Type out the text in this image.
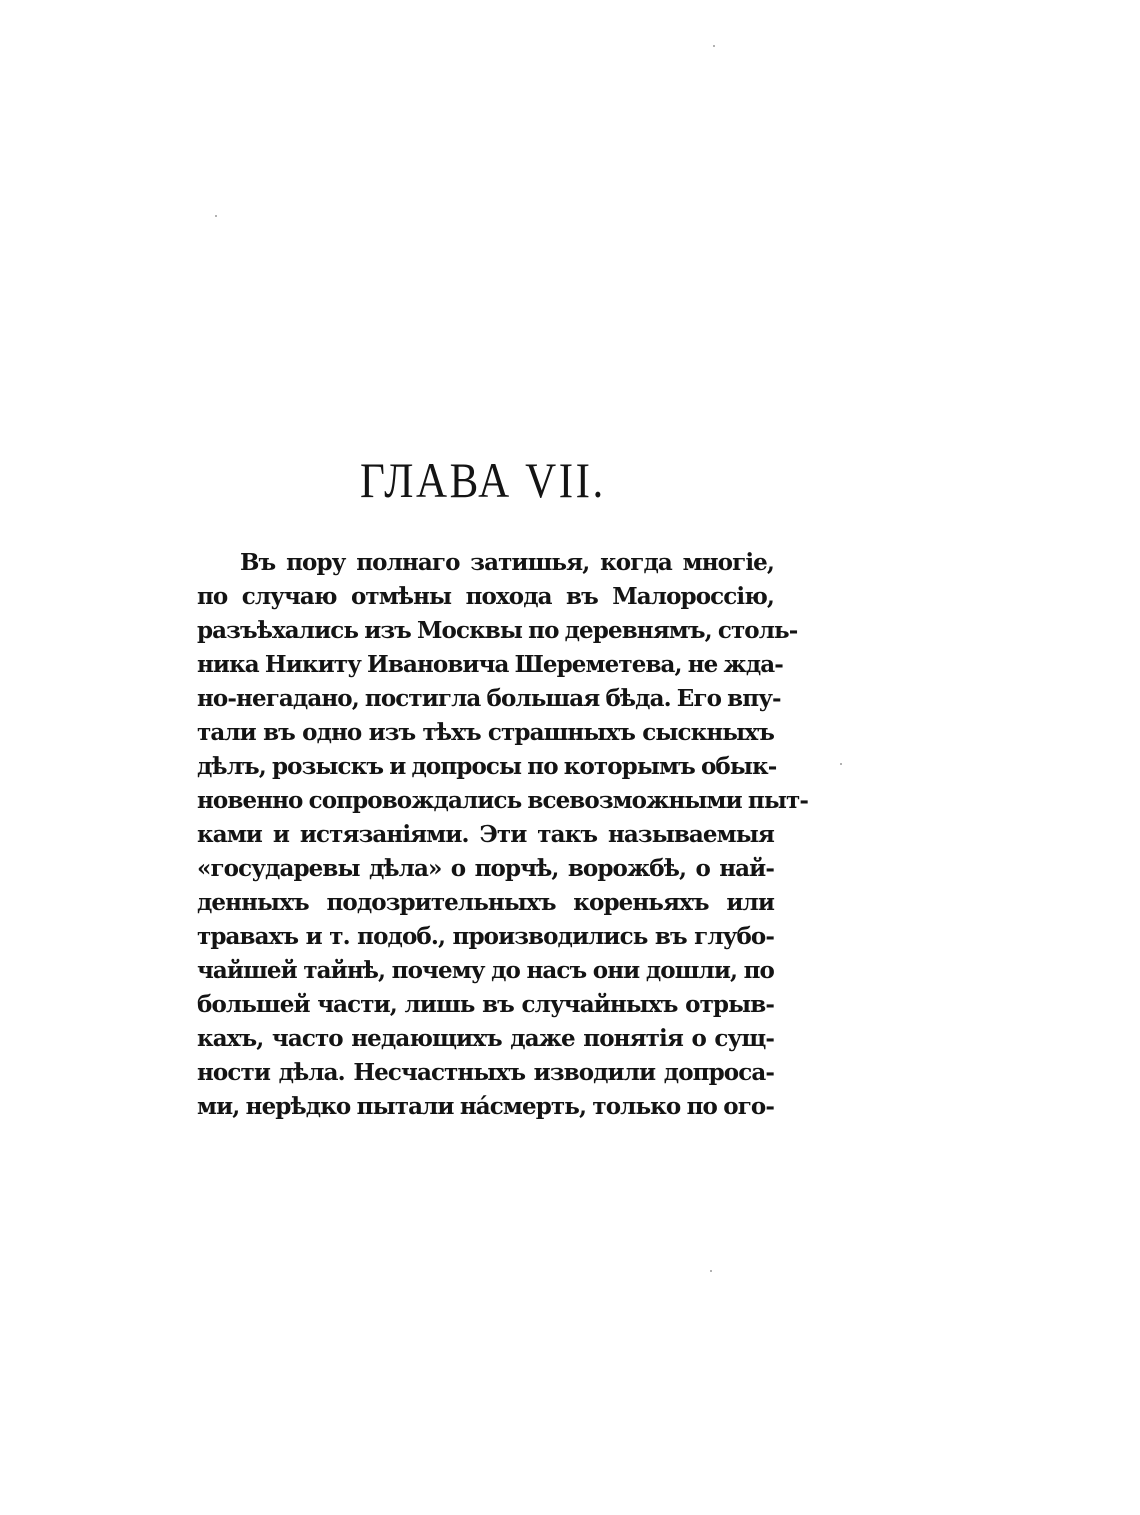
ГЛАВА VII.
Въ пору полнаго затишья, когда многіе,
по случаю отмѣны похода въ Малороссію,
разъѣхались изъ Москвы по деревнямъ, столь-
ника Никиту Ивановича Шереметева, не жда-
но-негадано, постигла большая бѣда. Его впу-
тали въ одно изъ тѣхъ страшныхъ сыскныхъ
дѣлъ, розыскъ и допросы по которымъ обык-
новенно сопровождались всевозможными пыт-
ками и истязаніями. Эти такъ называемыя
«государевы дѣла» о порчѣ, ворожбѣ, о най-
денныхъ подозрительныхъ кореньяхъ или
травахъ и т. подоб., производились въ глубо-
чайшей тайнѣ, почему до насъ они дошли, по
большей части, лишь въ случайныхъ отрыв-
кахъ, часто недающихъ даже понятія о сущ-
ности дѣла. Несчастныхъ изводили допроса-
ми, нерѣдко пытали нáсмерть, только по ого-
